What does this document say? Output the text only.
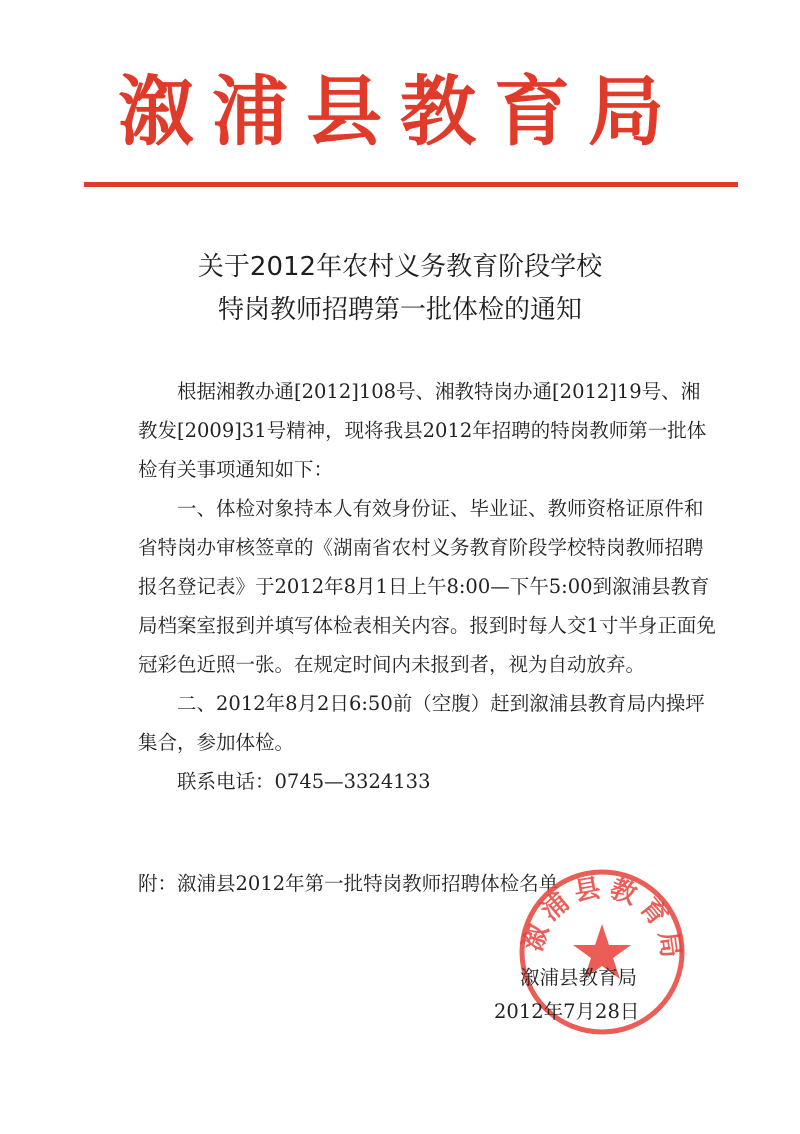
溆浦县教育局
关于2012年农村义务教育阶段学校
特岗教师招聘第一批体检的通知

　　根据湘教办通[2012]108号、湘教特岗办通[2012]19号、湘教发[2009]31号精神，现将我县2012年招聘的特岗教师第一批体检有关事项通知如下：

　　一、体检对象持本人有效身份证、毕业证、教师资格证原件和省特岗办审核签章的《湖南省农村义务教育阶段学校特岗教师招聘报名登记表》于2012年8月1日上午8:00—下午5:00到溆浦县教育局档案室报到并填写体检表相关内容。报到时每人交1寸半身正面免冠彩色近照一张。在规定时间内未报到者，视为自动放弃。

　　二、2012年8月2日6:50前（空腹）赶到溆浦县教育局内操坪集合，参加体检。

　　联系电话：0745—3324133

附：溆浦县2012年第一批特岗教师招聘体检名单
溆浦县教育局
溆浦县教育局
2012年7月28日
